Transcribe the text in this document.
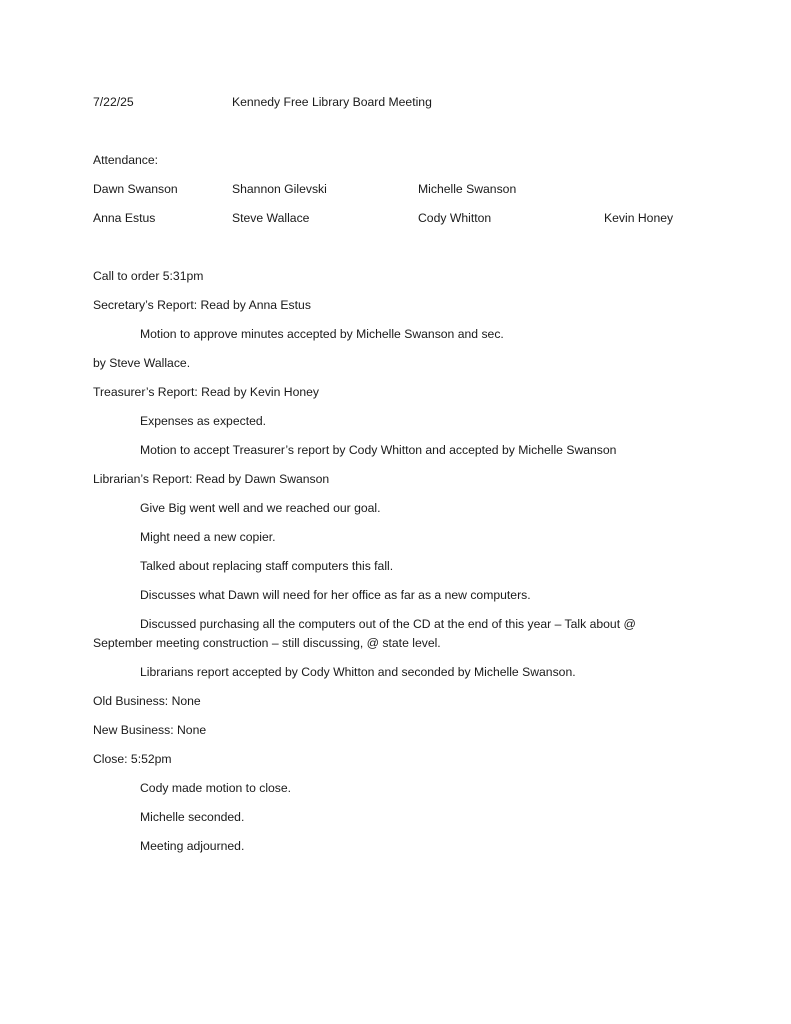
7/22/25	Kennedy Free Library Board Meeting
Attendance:
Dawn Swanson	Shannon Gilevski	Michelle Swanson
Anna Estus	Steve Wallace	Cody Whitton	Kevin Honey
Call to order 5:31pm
Secretary’s Report: Read by Anna Estus
Motion to approve minutes accepted by Michelle Swanson and sec.
by Steve Wallace.
Treasurer’s Report: Read by Kevin Honey
Expenses as expected.
Motion to accept Treasurer’s report by Cody Whitton and accepted by Michelle Swanson
Librarian’s Report: Read by Dawn Swanson
Give Big went well and we reached our goal.
Might need a new copier.
Talked about replacing staff computers this fall.
Discusses what Dawn will need for her office as far as a new computers.
Discussed purchasing all the computers out of the CD at the end of this year – Talk about @
September meeting construction – still discussing, @ state level.
Librarians report accepted by Cody Whitton and seconded by Michelle Swanson.
Old Business: None
New Business: None
Close: 5:52pm
Cody made motion to close.
Michelle seconded.
Meeting adjourned.
